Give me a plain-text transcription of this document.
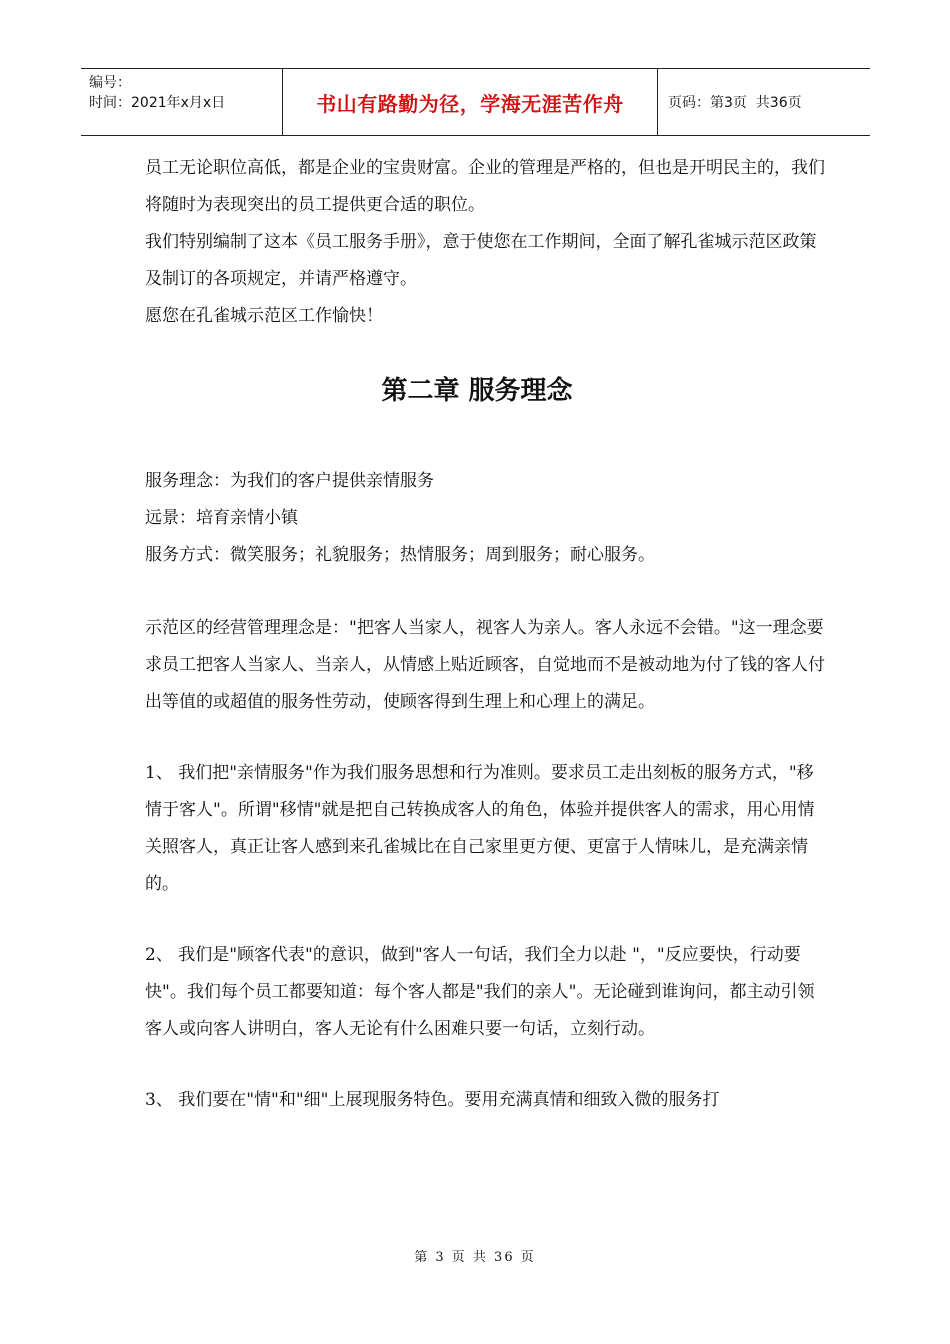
编号：
时间：2021年x月x日	书山有路勤为径，学海无涯苦作舟	页码：第3页  共36页

员工无论职位高低，都是企业的宝贵财富。企业的管理是严格的，但也是开明民主的，我们将随时为表现突出的员工提供更合适的职位。

我们特别编制了这本《员工服务手册》，意于使您在工作期间，全面了解孔雀城示范区政策及制订的各项规定，并请严格遵守。

愿您在孔雀城示范区工作愉快！

第二章 服务理念

服务理念：为我们的客户提供亲情服务

远景：培育亲情小镇

服务方式：微笑服务；礼貌服务；热情服务；周到服务；耐心服务。

示范区的经营管理理念是："把客人当家人，视客人为亲人。客人永远不会错。"这一理念要求员工把客人当家人、当亲人，从情感上贴近顾客，自觉地而不是被动地为付了钱的客人付出等值的或超值的服务性劳动，使顾客得到生理上和心理上的满足。

1、 我们把"亲情服务"作为我们服务思想和行为准则。要求员工走出刻板的服务方式，"移情于客人"。所谓"移情"就是把自己转换成客人的角色，体验并提供客人的需求，用心用情关照客人，真正让客人感到来孔雀城比在自己家里更方便、更富于人情味儿，是充满亲情的。

2、 我们是"顾客代表"的意识，做到"客人一句话，我们全力以赴 "，"反应要快，行动要快"。我们每个员工都要知道：每个客人都是"我们的亲人"。无论碰到谁询问，都主动引领客人或向客人讲明白，客人无论有什么困难只要一句话，立刻行动。

3、 我们要在"情"和"细"上展现服务特色。要用充满真情和细致入微的服务打

第 3 页 共 36 页
